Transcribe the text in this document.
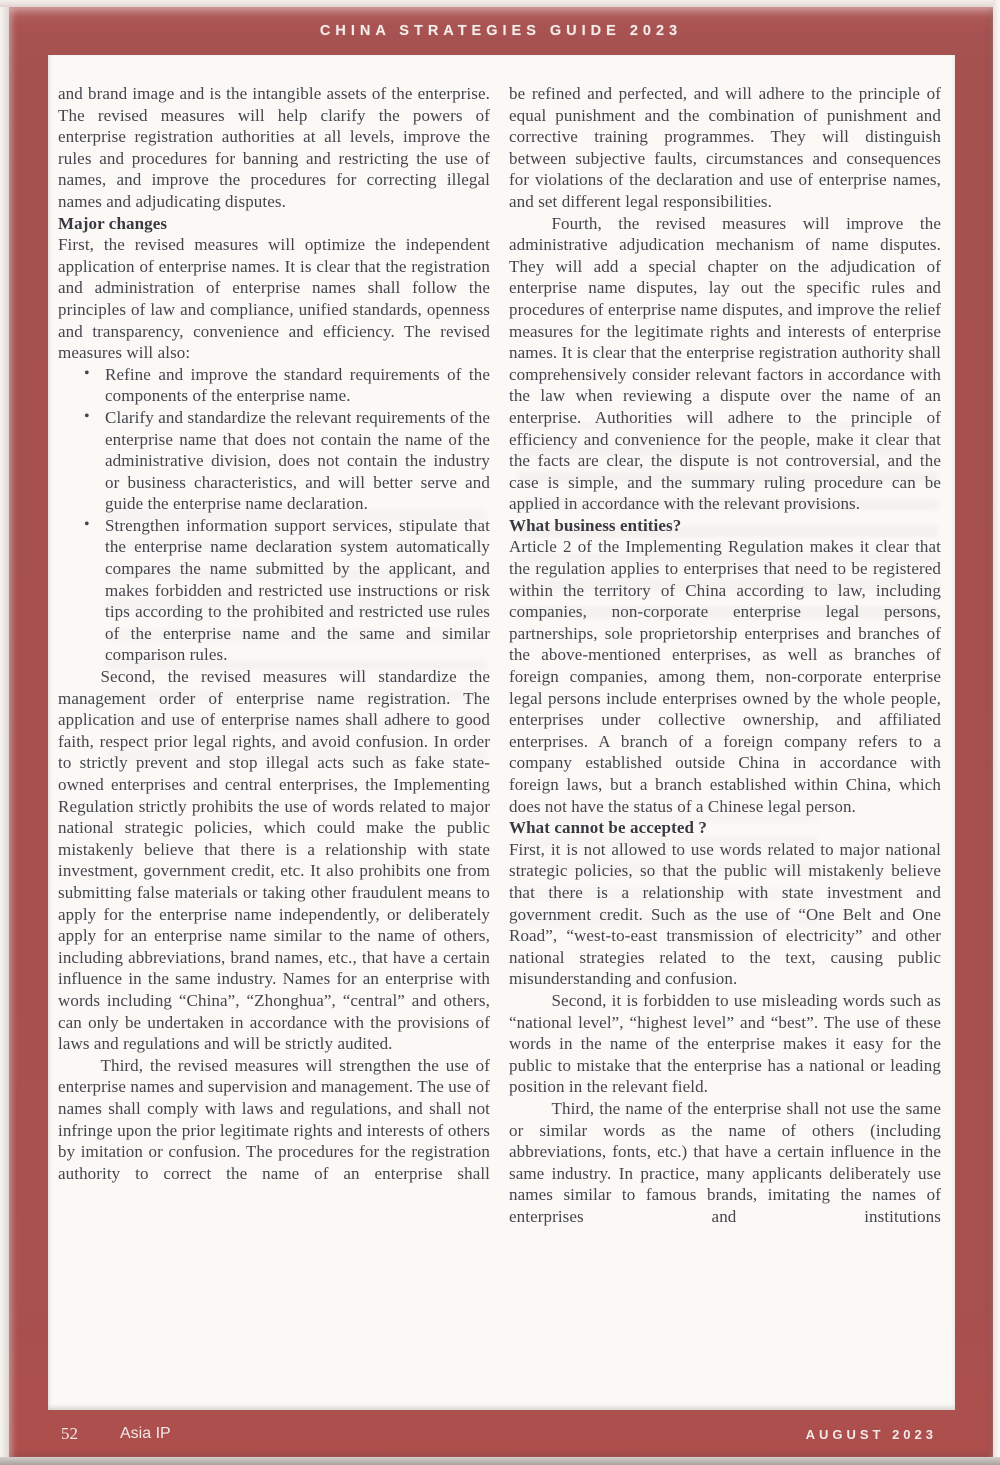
CHINA STRATEGIES GUIDE 2023

and brand image and is the intangible assets of the enterprise. The revised measures will help clarify the powers of enterprise registration authorities at all levels, improve the rules and procedures for banning and restricting the use of names, and improve the procedures for correcting illegal names and adjudicating disputes.

Major changes

First, the revised measures will optimize the independent application of enterprise names. It is clear that the registration and administration of enterprise names shall follow the principles of law and compliance, unified standards, openness and transparency, convenience and efficiency. The revised measures will also:

• Refine and improve the standard requirements of the components of the enterprise name.
• Clarify and standardize the relevant requirements of the enterprise name that does not contain the name of the administrative division, does not contain the industry or business characteristics, and will better serve and guide the enterprise name declaration.
• Strengthen information support services, stipulate that the enterprise name declaration system automatically compares the name submitted by the applicant, and makes forbidden and restricted use instructions or risk tips according to the prohibited and restricted use rules of the enterprise name and the same and similar comparison rules.

Second, the revised measures will standardize the management order of enterprise name registration. The application and use of enterprise names shall adhere to good faith, respect prior legal rights, and avoid confusion. In order to strictly prevent and stop illegal acts such as fake state-owned enterprises and central enterprises, the Implementing Regulation strictly prohibits the use of words related to major national strategic policies, which could make the public mistakenly believe that there is a relationship with state investment, government credit, etc. It also prohibits one from submitting false materials or taking other fraudulent means to apply for the enterprise name independently, or deliberately apply for an enterprise name similar to the name of others, including abbreviations, brand names, etc., that have a certain influence in the same industry. Names for an enterprise with words including “China”, “Zhonghua”, “central” and others, can only be undertaken in accordance with the provisions of laws and regulations and will be strictly audited.

Third, the revised measures will strengthen the use of enterprise names and supervision and management. The use of names shall comply with laws and regulations, and shall not infringe upon the prior legitimate rights and interests of others by imitation or confusion. The procedures for the registration authority to correct the name of an enterprise shall

be refined and perfected, and will adhere to the principle of equal punishment and the combination of punishment and corrective training programmes. They will distinguish between subjective faults, circumstances and consequences for violations of the declaration and use of enterprise names, and set different legal responsibilities.

Fourth, the revised measures will improve the administrative adjudication mechanism of name disputes. They will add a special chapter on the adjudication of enterprise name disputes, lay out the specific rules and procedures of enterprise name disputes, and improve the relief measures for the legitimate rights and interests of enterprise names. It is clear that the enterprise registration authority shall comprehensively consider relevant factors in accordance with the law when reviewing a dispute over the name of an enterprise. Authorities will adhere to the principle of efficiency and convenience for the people, make it clear that the facts are clear, the dispute is not controversial, and the case is simple, and the summary ruling procedure can be applied in accordance with the relevant provisions.

What business entities?

Article 2 of the Implementing Regulation makes it clear that the regulation applies to enterprises that need to be registered within the territory of China according to law, including companies, non-corporate enterprise legal persons, partnerships, sole proprietorship enterprises and branches of the above-mentioned enterprises, as well as branches of foreign companies, among them, non-corporate enterprise legal persons include enterprises owned by the whole people, enterprises under collective ownership, and affiliated enterprises. A branch of a foreign company refers to a company established outside China in accordance with foreign laws, but a branch established within China, which does not have the status of a Chinese legal person.

What cannot be accepted ?

First, it is not allowed to use words related to major national strategic policies, so that the public will mistakenly believe that there is a relationship with state investment and government credit. Such as the use of “One Belt and One Road”, “west-to-east transmission of electricity” and other national strategies related to the text, causing public misunderstanding and confusion.

Second, it is forbidden to use misleading words such as “national level”, “highest level” and “best”. The use of these words in the name of the enterprise makes it easy for the public to mistake that the enterprise has a national or leading position in the relevant field.

Third, the name of the enterprise shall not use the same or similar words as the name of others (including abbreviations, fonts, etc.) that have a certain influence in the same industry. In practice, many applicants deliberately use names similar to famous brands, imitating the names of enterprises and institutions

52	Asia IP	AUGUST 2023
